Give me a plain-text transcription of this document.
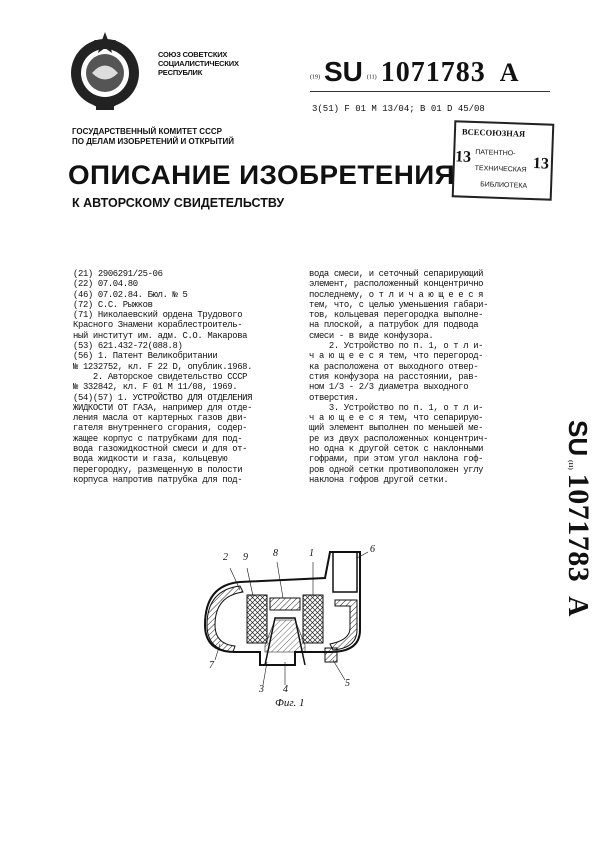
СОЮЗ СОВЕТСКИХ
СОЦИАЛИСТИЧЕСКИХ
РЕСПУБЛИК
(19) SU (11) 1071783 A
3(51) F 01 M 13/04; В 01 D 45/08
ГОСУДАРСТВЕННЫЙ КОМИТЕТ СССР
ПО ДЕЛАМ ИЗОБРЕТЕНИЙ И ОТКРЫТИЙ
ВСЕСОЮЗНАЯ
13 ПАТЕНТНО-
ТЕХНИЧЕСКАЯ
БИБЛИОТЕКА
13
ОПИСАНИЕ ИЗОБРЕТЕНИЯ
К АВТОРСКОМУ СВИДЕТЕЛЬСТВУ
(21) 2906291/25-06
(22) 07.04.80
(46) 07.02.84. Бюл. № 5
(72) С.С. Рыжков
(71) Николаевский ордена Трудового
Красного Знамени кораблестроитель-
ный институт им. адм. С.О. Макарова
(53) 621.432-72(088.8)
(56) 1. Патент Великобритании
№ 1232752, кл. F 22 D, опублик.1968.
2. Авторское свидетельство СССР
№ 332842, кл. F 01 M 11/08, 1969.
(54)(57) 1. УСТРОЙСТВО ДЛЯ ОТДЕЛЕНИЯ
ЖИДКОСТИ ОТ ГАЗА, например для отде-
ления масла от картерных газов дви-
гателя внутреннего сгорания, содер-
жащее корпус с патрубками для под-
вода газожидкостной смеси и для от-
вода жидкости и газа, кольцевую
перегородку, размещенную в полости
корпуса напротив патрубка для под-
вода смеси, и сеточный сепарирующий
элемент, расположенный концентрично
последнему, о т л и ч а ю щ е е с я
тем, что, с целью уменьшения габари-
тов, кольцевая перегородка выполне-
на плоской, а патрубок для подвода
смеси - в виде конфузора.
2. Устройство по п. 1, о т л и-
ч а ю щ е е с я тем, что перегород-
ка расположена от выходного отвер-
стия конфузора на расстоянии, рав-
ном 1/3 - 2/3 диаметра выходного
отверстия.
3. Устройство по п. 1, о т л и-
ч а ю щ е е с я тем, что сепарирую-
щий элемент выполнен по меньшей ме-
ре из двух расположенных концентрич-
но одна к другой сеток с наклонными
гофрами, при этом угол наклона гоф-
ров одной сетки противоположен углу
наклона гофров другой сетки.
SU (11) 1071783 A
2 9	8	1	6
7
3 4
5
Фиг. 1
